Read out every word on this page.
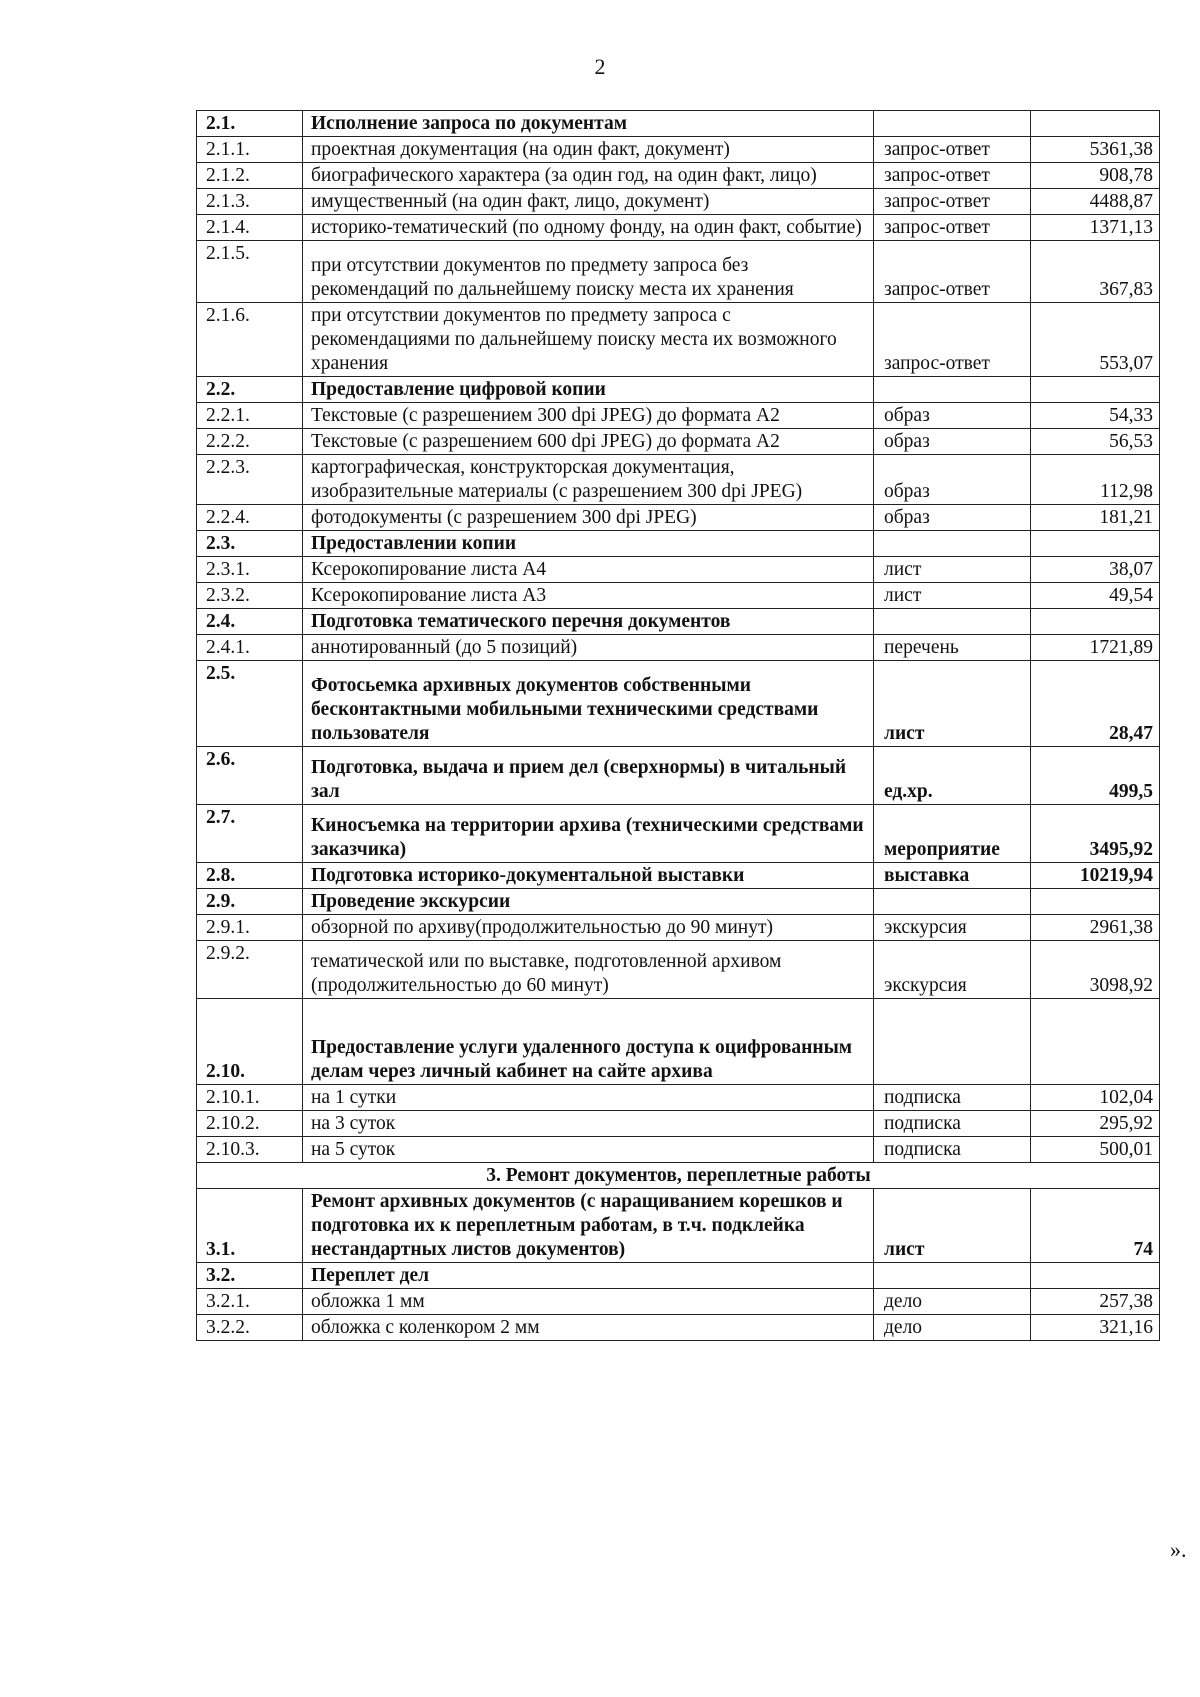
2
2.1.	Исполнение запроса по документам		
2.1.1.	проектная документация (на один факт, документ)	запрос-ответ	5361,38
2.1.2.	биографического характера (за один год, на один факт, лицо)	запрос-ответ	908,78
2.1.3.	имущественный (на один факт, лицо, документ)	запрос-ответ	4488,87
2.1.4.	историко-тематический (по одному фонду, на один факт, событие)	запрос-ответ	1371,13
2.1.5.	при отсутствии документов по предмету запроса без рекомендаций по дальнейшему поиску места их хранения	запрос-ответ	367,83
2.1.6.	при отсутствии документов по предмету запроса с рекомендациями по дальнейшему поиску места их возможного хранения	запрос-ответ	553,07
2.2.	Предоставление цифровой копии		
2.2.1.	Текстовые (с разрешением 300 dpi JPEG) до формата А2	образ	54,33
2.2.2.	Текстовые (с разрешением 600 dpi JPEG) до формата А2	образ	56,53
2.2.3.	картографическая, конструкторская документация, изобразительные материалы (с разрешением 300 dpi JPEG)	образ	112,98
2.2.4.	фотодокументы (с разрешением 300 dpi JPEG)	образ	181,21
2.3.	Предоставлении копии		
2.3.1.	Ксерокопирование листа А4	лист	38,07
2.3.2.	Ксерокопирование листа А3	лист	49,54
2.4.	Подготовка тематического перечня документов		
2.4.1.	аннотированный (до 5 позиций)	перечень	1721,89
2.5.	Фотосьемка архивных документов собственными бесконтактными мобильными техническими средствами пользователя	лист	28,47
2.6.	Подготовка, выдача и прием дел (сверхнормы) в читальный зал	ед.хр.	499,5
2.7.	Киносъемка на территории архива (техническими средствами заказчика)	мероприятие	3495,92
2.8.	Подготовка историко-документальной выставки	выставка	10219,94
2.9.	Проведение экскурсии		
2.9.1.	обзорной по архиву(продолжительностью до 90 минут)	экскурсия	2961,38
2.9.2.	тематической или по выставке, подготовленной архивом (продолжительностью до 60 минут)	экскурсия	3098,92
2.10.	Предоставление услуги удаленного доступа к оцифрованным делам через личный кабинет на сайте архива		
2.10.1.	на 1 сутки	подписка	102,04
2.10.2.	на 3 суток	подписка	295,92
2.10.3.	на 5 суток	подписка	500,01
3. Ремонт документов, переплетные работы			
3.1.	Ремонт архивных документов (с наращиванием корешков и подготовка их к переплетным работам, в т.ч. подклейка нестандартных листов документов)	лист	74
3.2.	Переплет дел		
3.2.1.	обложка 1 мм	дело	257,38
3.2.2.	обложка с коленкором 2 мм	дело	321,16
».
